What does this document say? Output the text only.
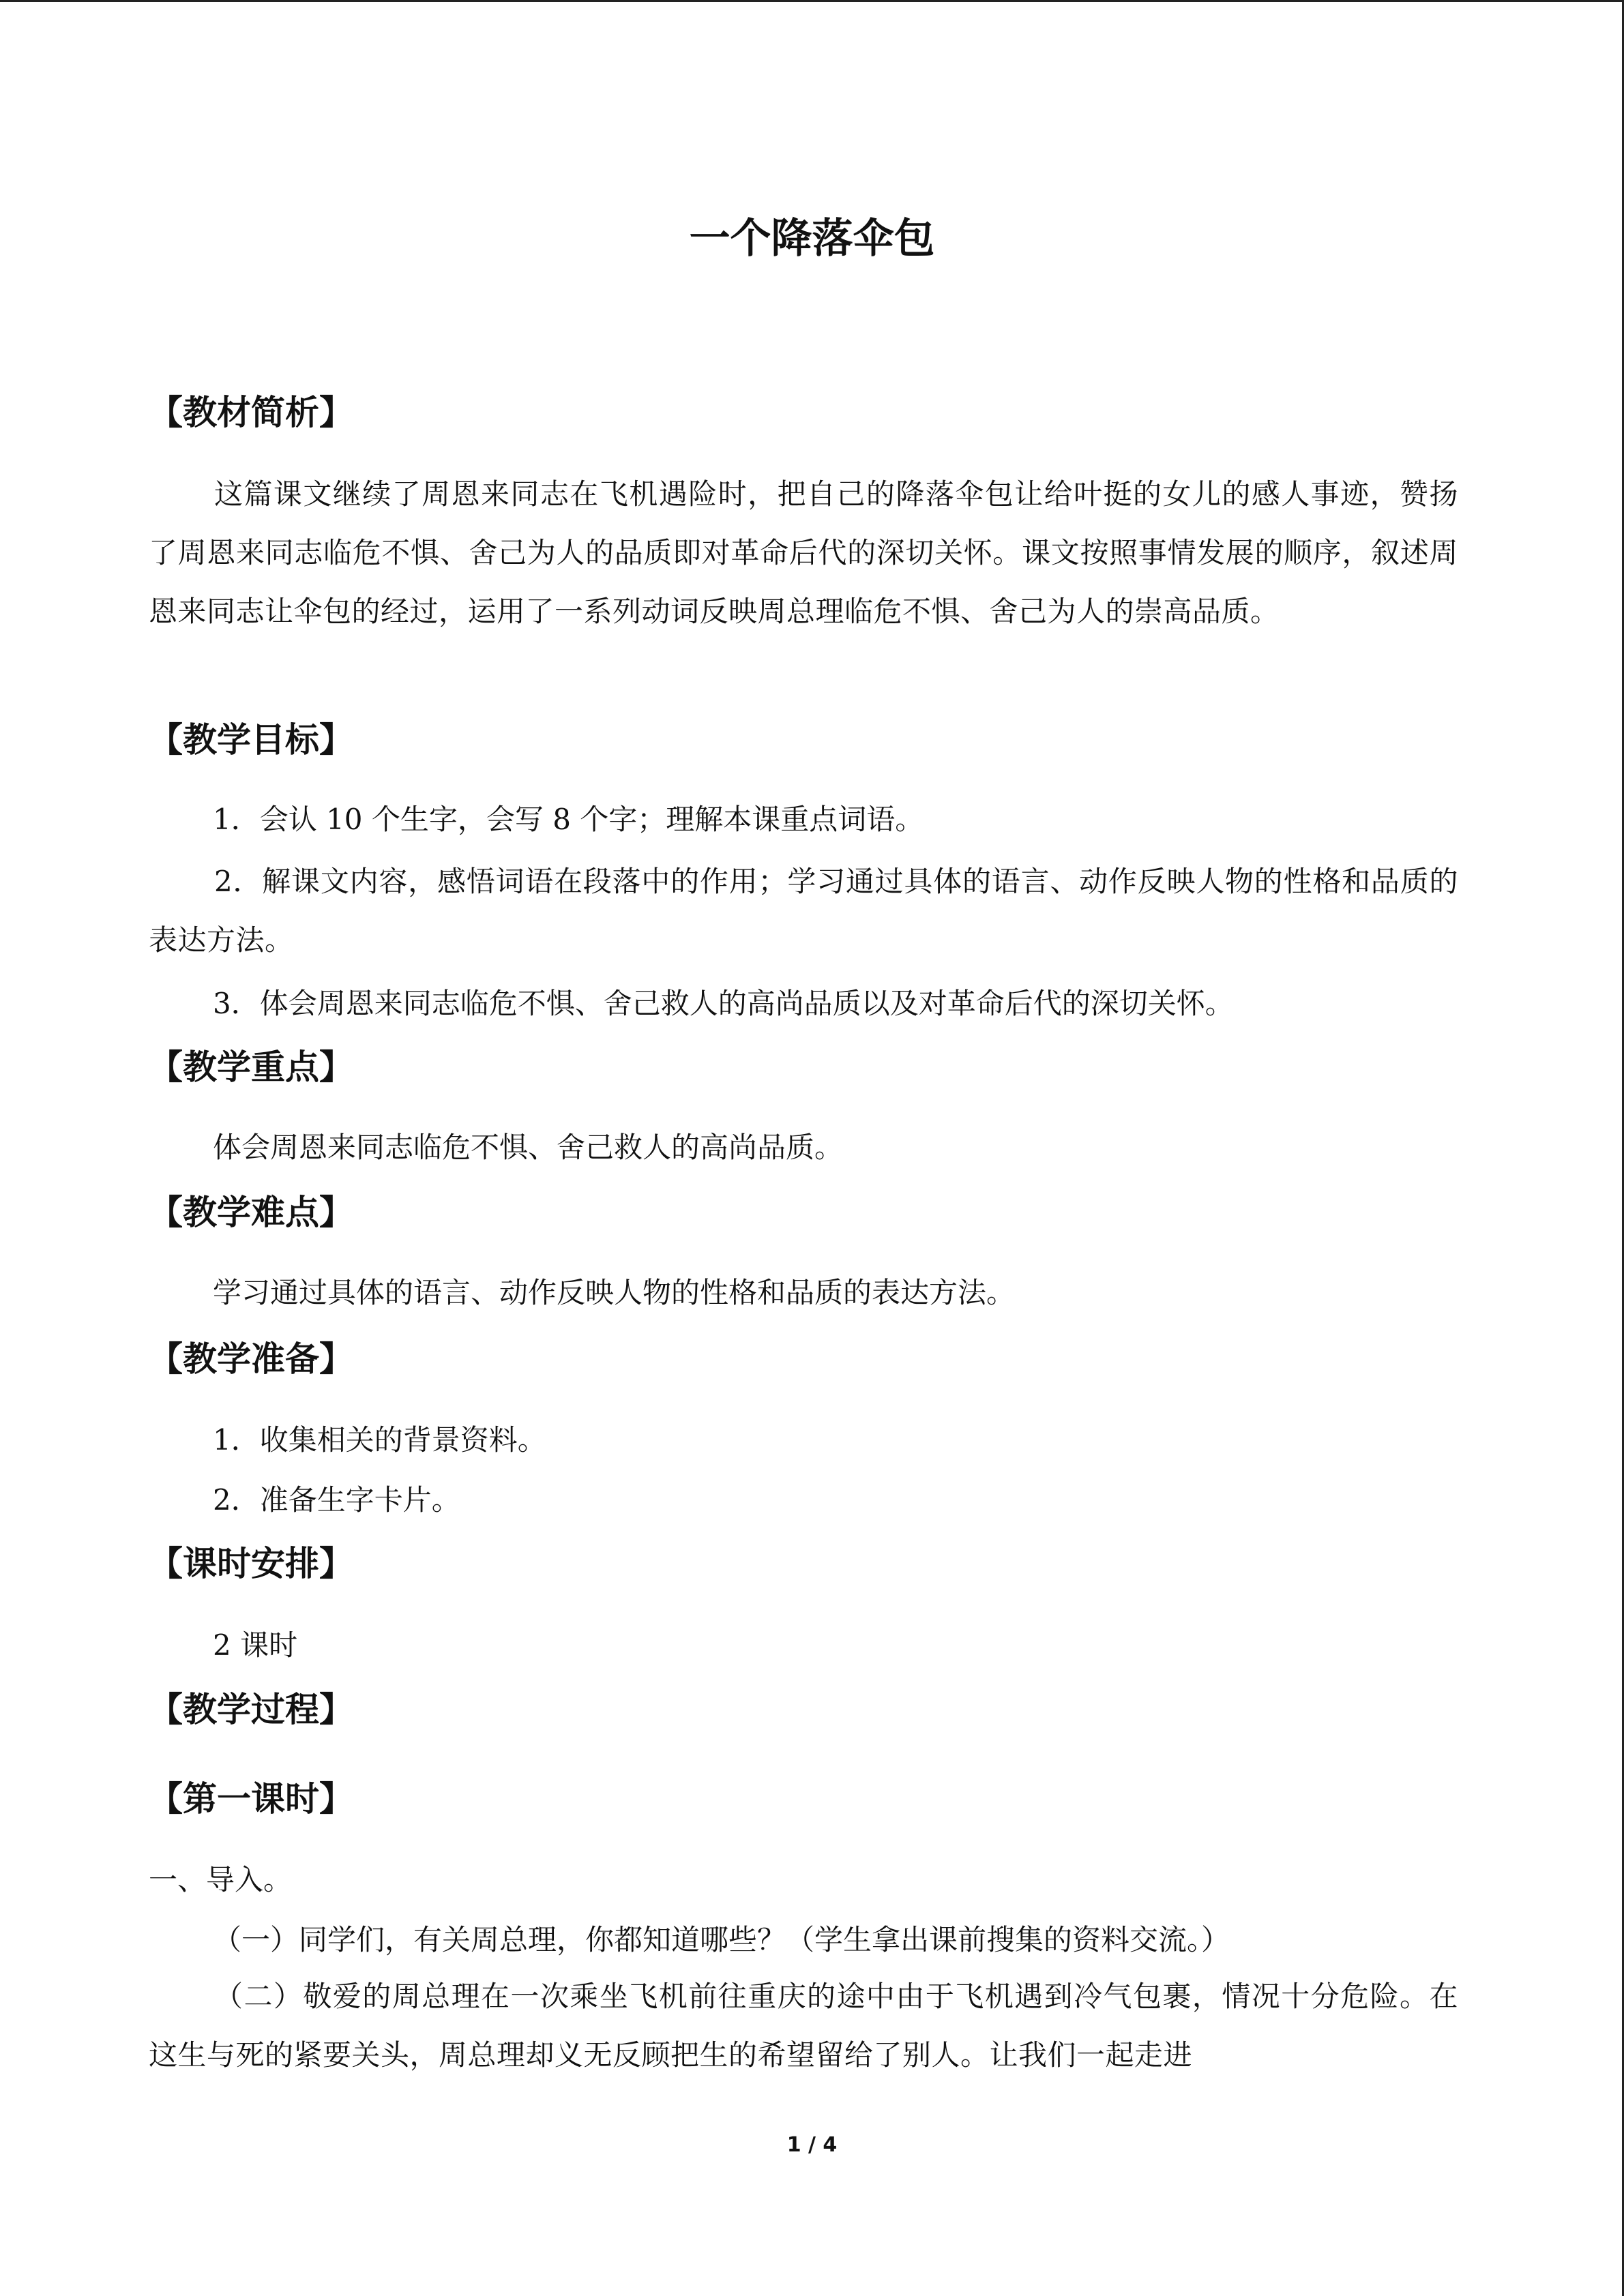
一个降落伞包
【教材简析】

这篇课文继续了周恩来同志在飞机遇险时，把自己的降落伞包让给叶挺的女儿的感人事迹，赞扬了周恩来同志临危不惧、舍己为人的品质即对革命后代的深切关怀。课文按照事情发展的顺序，叙述周恩来同志让伞包的经过，运用了一系列动词反映周总理临危不惧、舍己为人的崇高品质。

【教学目标】

1．会认 10 个生字，会写 8 个字；理解本课重点词语。

2．解课文内容，感悟词语在段落中的作用；学习通过具体的语言、动作反映人物的性格和品质的表达方法。

3．体会周恩来同志临危不惧、舍己救人的高尚品质以及对革命后代的深切关怀。

【教学重点】

体会周恩来同志临危不惧、舍己救人的高尚品质。

【教学难点】

学习通过具体的语言、动作反映人物的性格和品质的表达方法。

【教学准备】

1．收集相关的背景资料。

2．准备生字卡片。

【课时安排】

2 课时

【教学过程】
【第一课时】

一、导入。

（一）同学们，有关周总理，你都知道哪些？（学生拿出课前搜集的资料交流。）

（二）敬爱的周总理在一次乘坐飞机前往重庆的途中由于飞机遇到冷气包裹，情况十分危险。在这生与死的紧要关头，周总理却义无反顾把生的希望留给了别人。让我们一起走进

1 / 4
